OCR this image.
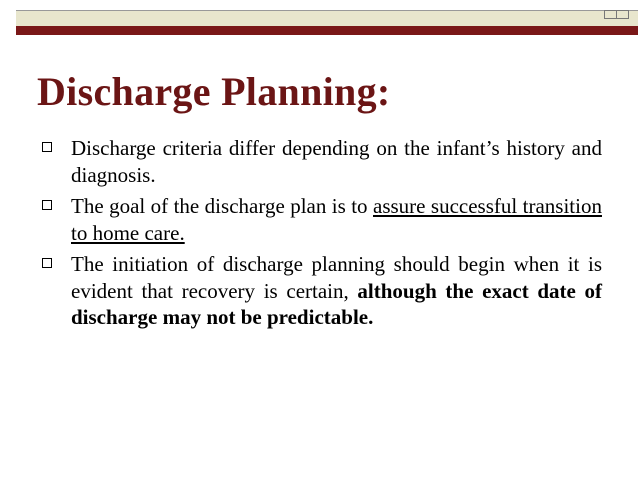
Discharge Planning:
Discharge criteria differ depending on the infant’s history and diagnosis.
The goal of the discharge plan is to assure successful transition to home care.
The initiation of discharge planning should begin when it is evident that recovery is certain, although the exact date of discharge may not be predictable.
